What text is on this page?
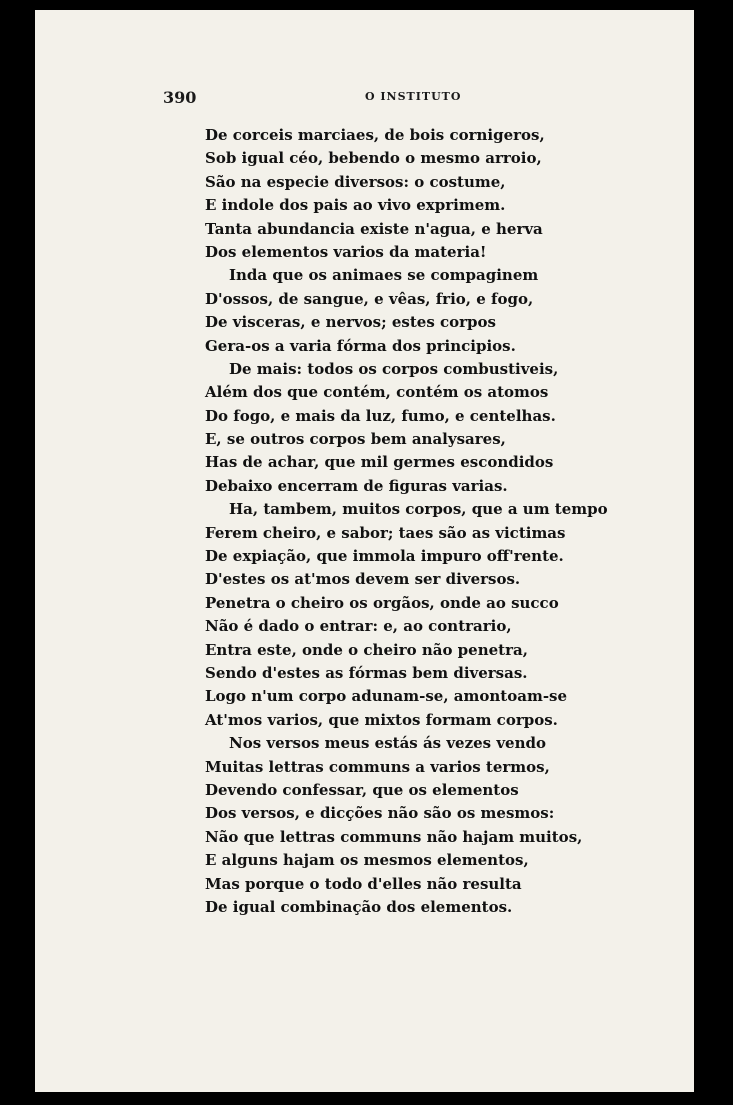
390	O INSTITUTO
De corceis marciaes, de bois cornigeros,
Sob igual céo, bebendo o mesmo arroio,
São na especie diversos: o costume,
E indole dos pais ao vivo exprimem.
Tanta abundancia existe n'agua, e herva
Dos elementos varios da materia!
Inda que os animaes se compaginem
D'ossos, de sangue, e vêas, frio, e fogo,
De visceras, e nervos; estes corpos
Gera-os a varia fórma dos principios.
De mais: todos os corpos combustiveis,
Além dos que contém, contém os atomos
Do fogo, e mais da luz, fumo, e centelhas.
E, se outros corpos bem analysares,
Has de achar, que mil germes escondidos
Debaixo encerram de figuras varias.
Ha, tambem, muitos corpos, que a um tempo
Ferem cheiro, e sabor; taes são as victimas
De expiação, que immola impuro off'rente.
D'estes os at'mos devem ser diversos.
Penetra o cheiro os orgãos, onde ao succo
Não é dado o entrar: e, ao contrario,
Entra este, onde o cheiro não penetra,
Sendo d'estes as fórmas bem diversas.
Logo n'um corpo adunam-se, amontoam-se
At'mos varios, que mixtos formam corpos.
Nos versos meus estás ás vezes vendo
Muitas lettras communs a varios termos,
Devendo confessar, que os elementos
Dos versos, e dicções não são os mesmos:
Não que lettras communs não hajam muitos,
E alguns hajam os mesmos elementos,
Mas porque o todo d'elles não resulta
De igual combinação dos elementos.
